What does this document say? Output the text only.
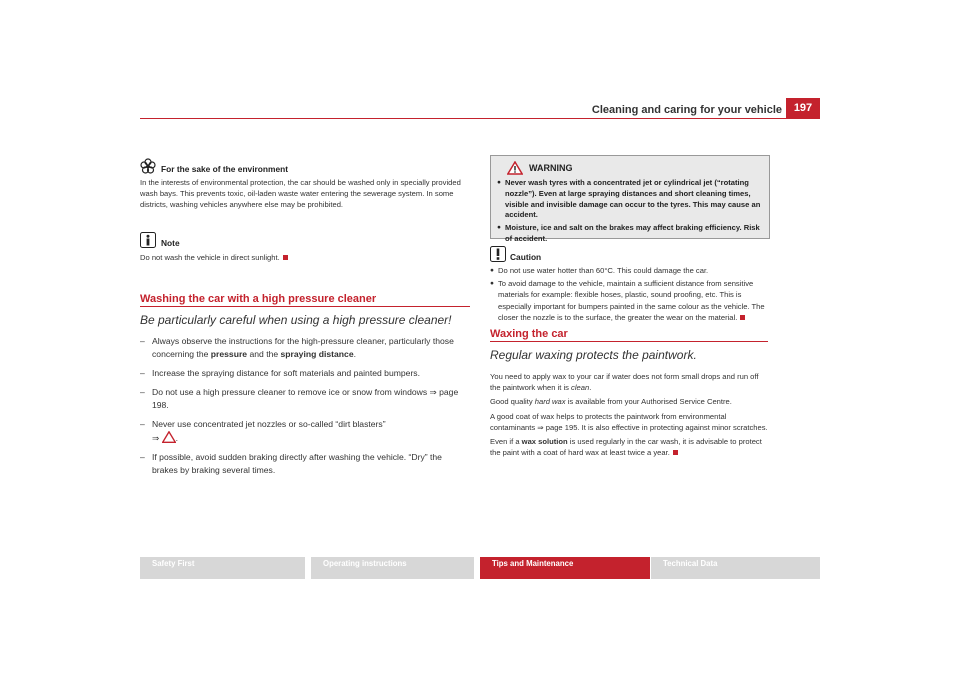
Cleaning and caring for your vehicle	197
For the sake of the environment
In the interests of environmental protection, the car should be washed only in specially provided wash bays. This prevents toxic, oil-laden waste water entering the sewerage system. In some districts, washing vehicles anywhere else may be prohibited.
Note
Do not wash the vehicle in direct sunlight.
Washing the car with a high pressure cleaner
Be particularly careful when using a high pressure cleaner!
– Always observe the instructions for the high-pressure cleaner, particularly those concerning the pressure and the spraying distance.
– Increase the spraying distance for soft materials and painted bumpers.
– Do not use a high pressure cleaner to remove ice or snow from windows ⇒ page 198.
– Never use concentrated jet nozzles or so-called “dirt blasters”
⇒ .
– If possible, avoid sudden braking directly after washing the vehicle. “Dry” the brakes by braking several times.
WARNING
● Never wash tyres with a concentrated jet or cylindrical jet (“rotating nozzle”). Even at large spraying distances and short cleaning times, visible and invisible damage can occur to the tyres. This may cause an accident.
● Moisture, ice and salt on the brakes may affect braking efficiency. Risk of accident.
Caution
● Do not use water hotter than 60°C. This could damage the car.
● To avoid damage to the vehicle, maintain a sufficient distance from sensitive materials for example: flexible hoses, plastic, sound proofing, etc. This is especially important for bumpers painted in the same colour as the vehicle. The closer the nozzle is to the surface, the greater the wear on the material.
Waxing the car
Regular waxing protects the paintwork.

You need to apply wax to your car if water does not form small drops and run off the paintwork when it is clean.

Good quality hard wax is available from your Authorised Service Centre.

A good coat of wax helps to protects the paintwork from environmental contaminants ⇒ page 195. It is also effective in protecting against minor scratches.

Even if a wax solution is used regularly in the car wash, it is advisable to protect the paint with a coat of hard wax at least twice a year.

Safety First	Operating instructions	Tips and Maintenance	Technical Data
